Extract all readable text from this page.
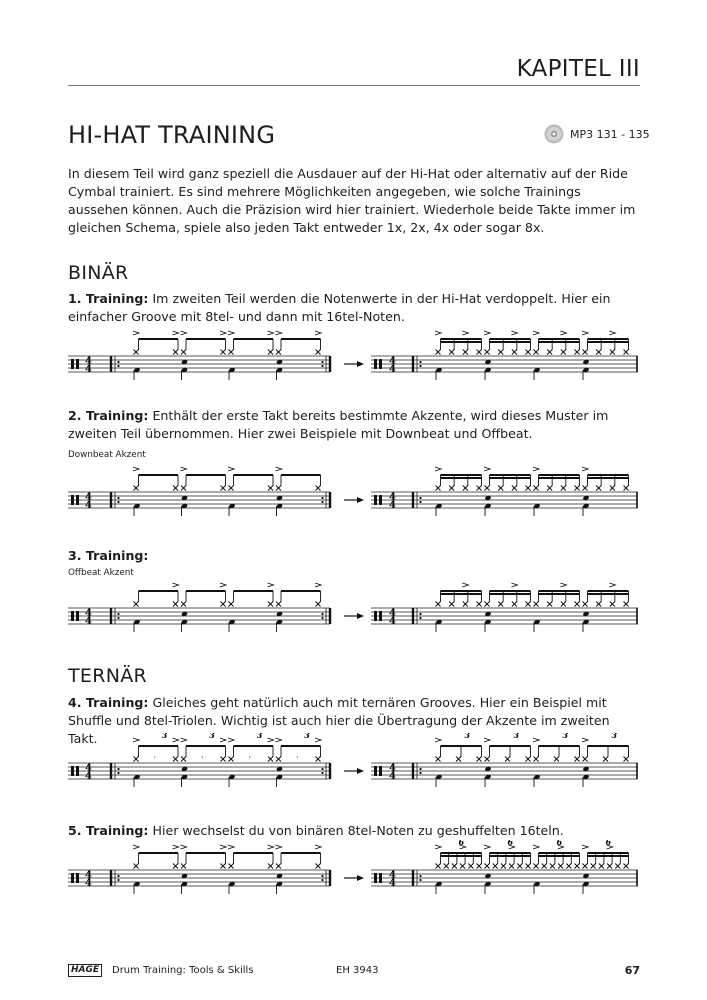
KAPITEL III
HI-HAT TRAINING	MP3 131 - 135

In diesem Teil wird ganz speziell die Ausdauer auf der Hi-Hat oder alternativ auf der Ride Cymbal trainiert. Es sind mehrere Möglichkeiten angegeben, wie solche Trainings aussehen können. Auch die Präzision wird hier trainiert. Wiederhole beide Takte immer im gleichen Schema, spiele also jeden Takt entweder 1x, 2x, 4x oder sogar 8x.

BINÄR

1. Training: Im zweiten Teil werden die Notenwerte in der Hi-Hat verdoppelt. Hier ein einfacher Groove mit 8tel- und dann mit 16tel-Noten.

4
4
4
4

2. Training: Enthält der erste Takt bereits bestimmte Akzente, wird dieses Muster im zweiten Teil übernommen. Hier zwei Beispiele mit Downbeat und Offbeat.

Downbeat Akzent
4
4
4
4

3. Training:

Offbeat Akzent
4
4
4
4
TERNÄR

4. Training: Gleiches geht natürlich auch mit ternären Grooves. Hier ein Beispiel mit Shuffle und 8tel-Triolen. Wichtig ist auch hier die Übertragung der Akzente im zweiten Takt.

4
4
𝄾
3
𝄾
3
𝄾
3
𝄾
3
4
4
3	3	3	3

5. Training: Hier wechselst du von binären 8tel-Noten zu geshuffelten 16teln.

4
4
4
4
6	6	6	6
HAGE	Drum Training: Tools & Skills	EH 3943	67
